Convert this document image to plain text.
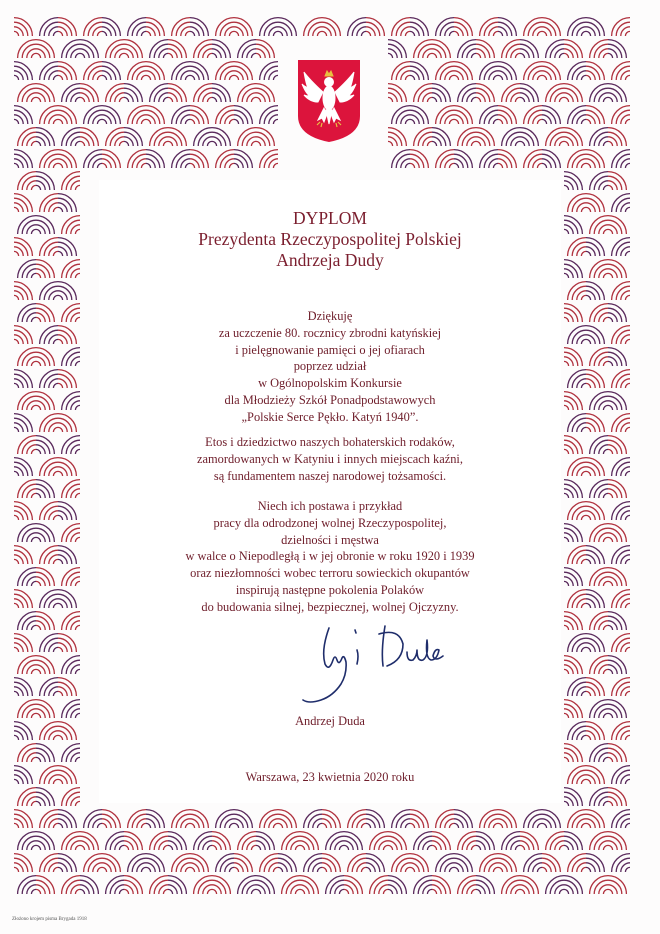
DYPLOM
Prezydenta Rzeczypospolitej Polskiej
Andrzeja Dudy
Dziękuję
za uczczenie 80. rocznicy zbrodni katyńskiej
i pielęgnowanie pamięci o jej ofiarach
poprzez udział
w Ogólnopolskim Konkursie
dla Młodzieży Szkół Ponadpodstawowych
„Polskie Serce Pękło. Katyń 1940”.
Etos i dziedzictwo naszych bohaterskich rodaków,
zamordowanych w Katyniu i innych miejscach kaźni,
są fundamentem naszej narodowej tożsamości.
Niech ich postawa i przykład
pracy dla odrodzonej wolnej Rzeczypospolitej,
dzielności i męstwa
w walce o Niepodległą i w jej obronie w roku 1920 i 1939
oraz niezłomności wobec terroru sowieckich okupantów
inspirują następne pokolenia Polaków
do budowania silnej, bezpiecznej, wolnej Ojczyzny.
Andrzej Duda
Warszawa, 23 kwietnia 2020 roku
Złożono krojem pisma Brygada 1918
